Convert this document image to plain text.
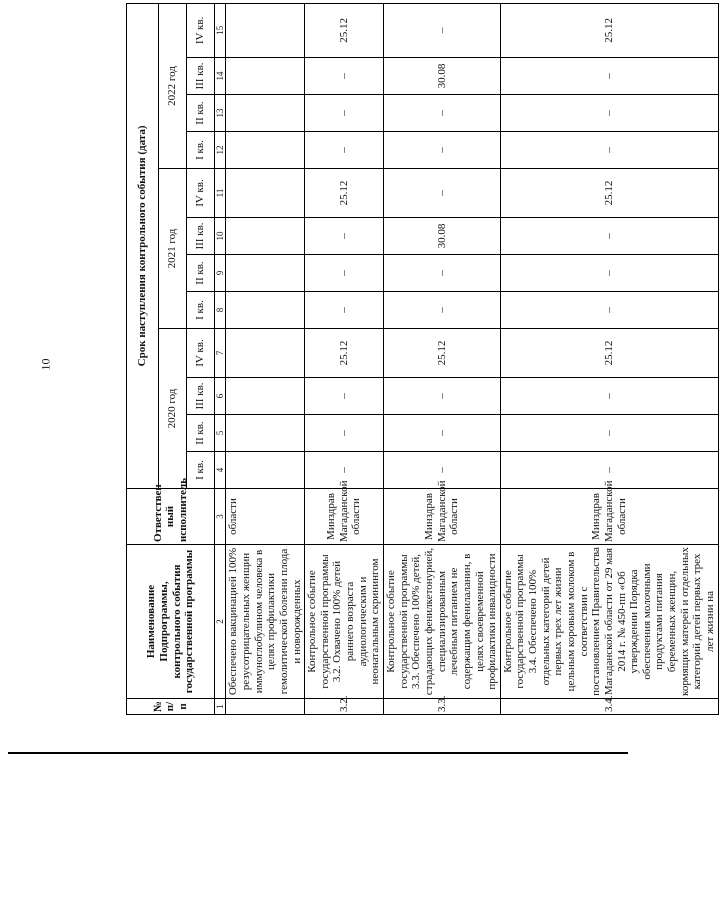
10
№ п/п	Наименование Подпрограммы, контрольного события государственной программы	Ответствен-ный исполнитель	Срок наступления контрольного события (дата)											
			2020 год				2021 год				2022 год			
			I кв.	II кв.	III кв.	IV кв.	I кв.	II кв.	III кв.	IV кв.	I кв.	II кв.	III кв.	IV кв.
1	2	3	4	5	6	7	8	9	10	11	12	13	14	15
	Обеспечено вакцинацией 100% резусотрицательных женщин иммуноглобулином человека в целях профилактики гемолитической болезни плода и новорожденных	области												
3.2.	Контрольное событие государственной программы 3.2. Охвачено 100% детей раннего возраста аудиологическим и неонатальным скринингом	Минздрав Магаданской области	–	–	–	25.12	–	–	–	25.12	–	–	–	25.12
3.3.	Контрольное событие государственной программы 3.3. Обеспечено 100% детей, страдающих фенилкетонурией, специализированным лечебным питанием не содержащим фенилаланин, в целях своевременной профилактики инвалидности	Минздрав Магаданской области	–	–	–	25.12	–	–	30.08	–	–	–	30.08	–
3.4.	Контрольное событие государственной программы 3.4. Обеспечено 100% отдельных категорий детей первых трех лет жизни цельным коровьим молоком в соответствии с постановлением Правительства Магаданской области от 29 мая 2014 г. № 450-пп «Об утверждении Порядка обеспечения молочными продуктами питания беременных женщин, кормящих матерей и отдельных категорий детей первых трех лет жизни на	Минздрав Магаданской области	–	–	–	25.12	–	–	–	25.12	–	–	–	25.12
